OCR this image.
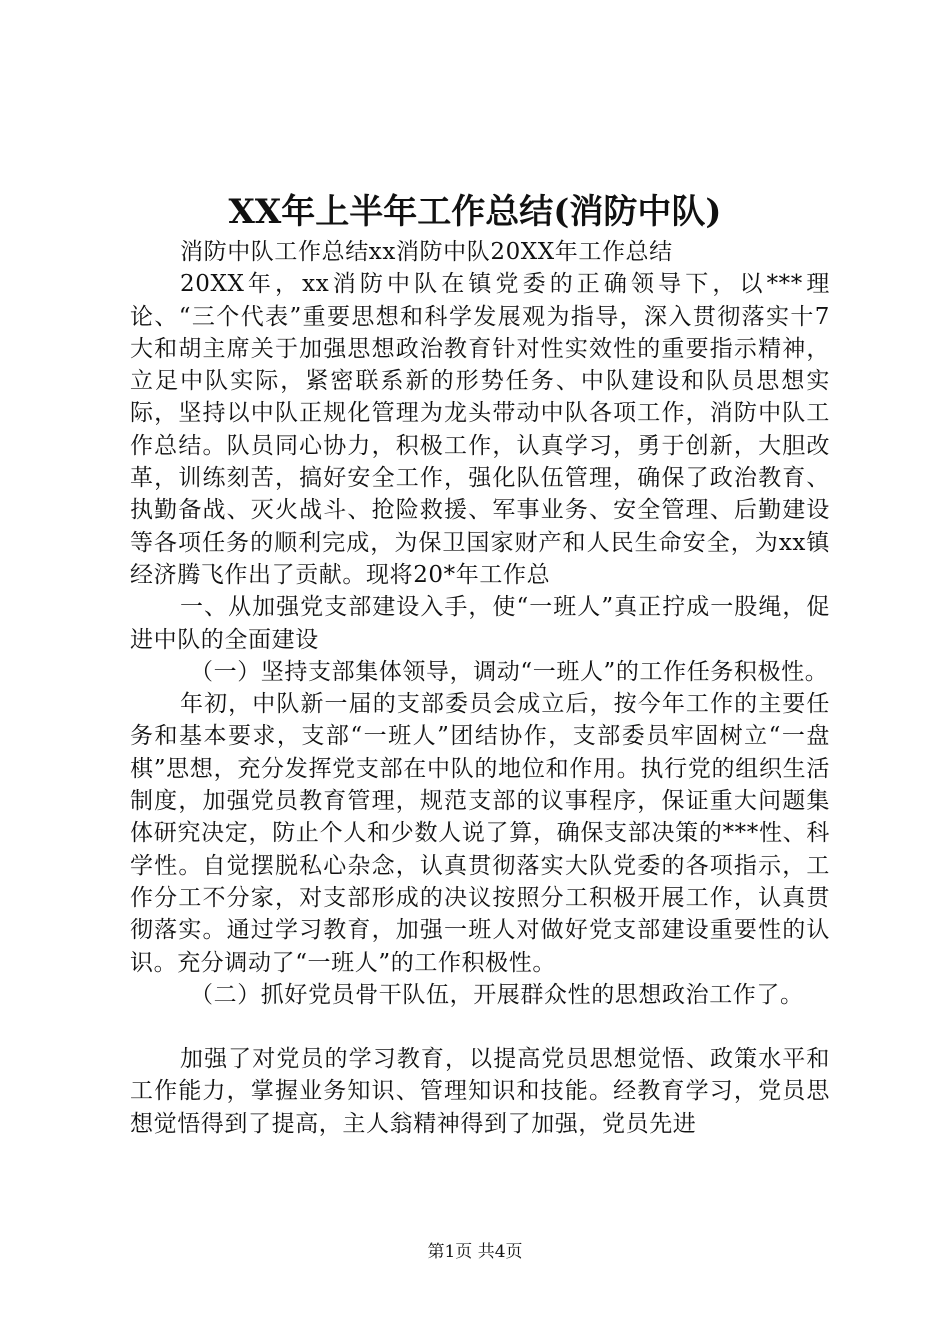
XX年上半年工作总结(消防中队)

消防中队工作总结xx消防中队20XX年工作总结

20XX年，xx消防中队在镇党委的正确领导下，以***理论、“三个代表”重要思想和科学发展观为指导，深入贯彻落实十7大和胡主席关于加强思想政治教育针对性实效性的重要指示精神，立足中队实际，紧密联系新的形势任务、中队建设和队员思想实际，坚持以中队正规化管理为龙头带动中队各项工作，消防中队工作总结。队员同心协力，积极工作，认真学习，勇于创新，大胆改革，训练刻苦，搞好安全工作，强化队伍管理，确保了政治教育、执勤备战、灭火战斗、抢险救援、军事业务、安全管理、后勤建设等各项任务的顺利完成，为保卫国家财产和人民生命安全，为xx镇经济腾飞作出了贡献。现将20*年工作总

一、从加强党支部建设入手，使“一班人”真正拧成一股绳，促进中队的全面建设

（一）坚持支部集体领导，调动“一班人”的工作任务积极性。

年初，中队新一届的支部委员会成立后，按今年工作的主要任务和基本要求，支部“一班人”团结协作，支部委员牢固树立“一盘棋”思想，充分发挥党支部在中队的地位和作用。执行党的组织生活制度，加强党员教育管理，规范支部的议事程序，保证重大问题集体研究决定，防止个人和少数人说了算，确保支部决策的***性、科学性。自觉摆脱私心杂念，认真贯彻落实大队党委的各项指示，工作分工不分家，对支部形成的决议按照分工积极开展工作，认真贯彻落实。通过学习教育，加强一班人对做好党支部建设重要性的认识。充分调动了“一班人”的工作积极性。

（二）抓好党员骨干队伍，开展群众性的思想政治工作了。

加强了对党员的学习教育，以提高党员思想觉悟、政策水平和工作能力，掌握业务知识、管理知识和技能。经教育学习，党员思想觉悟得到了提高，主人翁精神得到了加强，党员先进

第1页 共4页
